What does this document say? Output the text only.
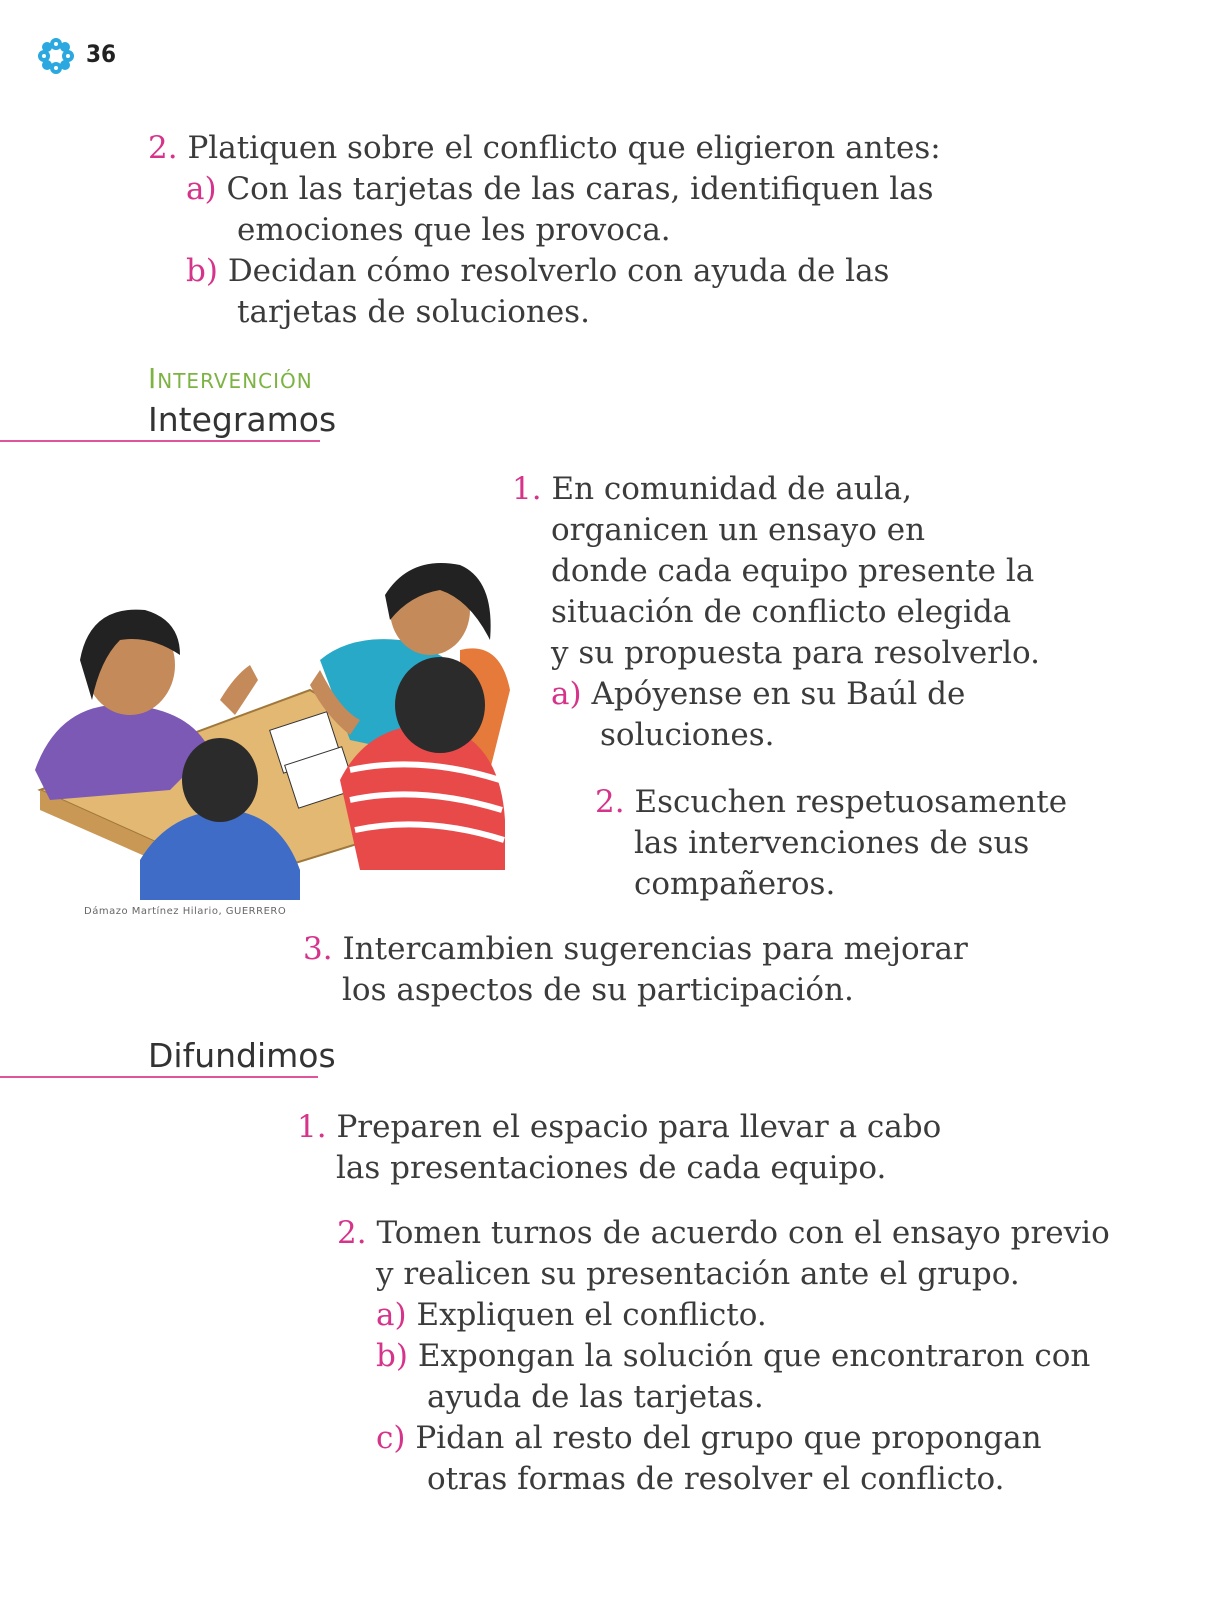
36
2. Platiquen sobre el conflicto que eligieron antes:
a) Con las tarjetas de las caras, identifiquen las
emociones que les provoca.
b) Decidan cómo resolverlo con ayuda de las
tarjetas de soluciones.
Intervención
Integramos
Dámazo Martínez Hilario, GUERRERO
1. En comunidad de aula,
organicen un ensayo en
donde cada equipo presente la
situación de conflicto elegida
y su propuesta para resolverlo.
a) Apóyense en su Baúl de
soluciones.
2. Escuchen respetuosamente
las intervenciones de sus
compañeros.
3. Intercambien sugerencias para mejorar
los aspectos de su participación.
Difundimos
1. Preparen el espacio para llevar a cabo
las presentaciones de cada equipo.
2. Tomen turnos de acuerdo con el ensayo previo
y realicen su presentación ante el grupo.
a) Expliquen el conflicto.
b) Expongan la solución que encontraron con
ayuda de las tarjetas.
c) Pidan al resto del grupo que propongan
otras formas de resolver el conflicto.
